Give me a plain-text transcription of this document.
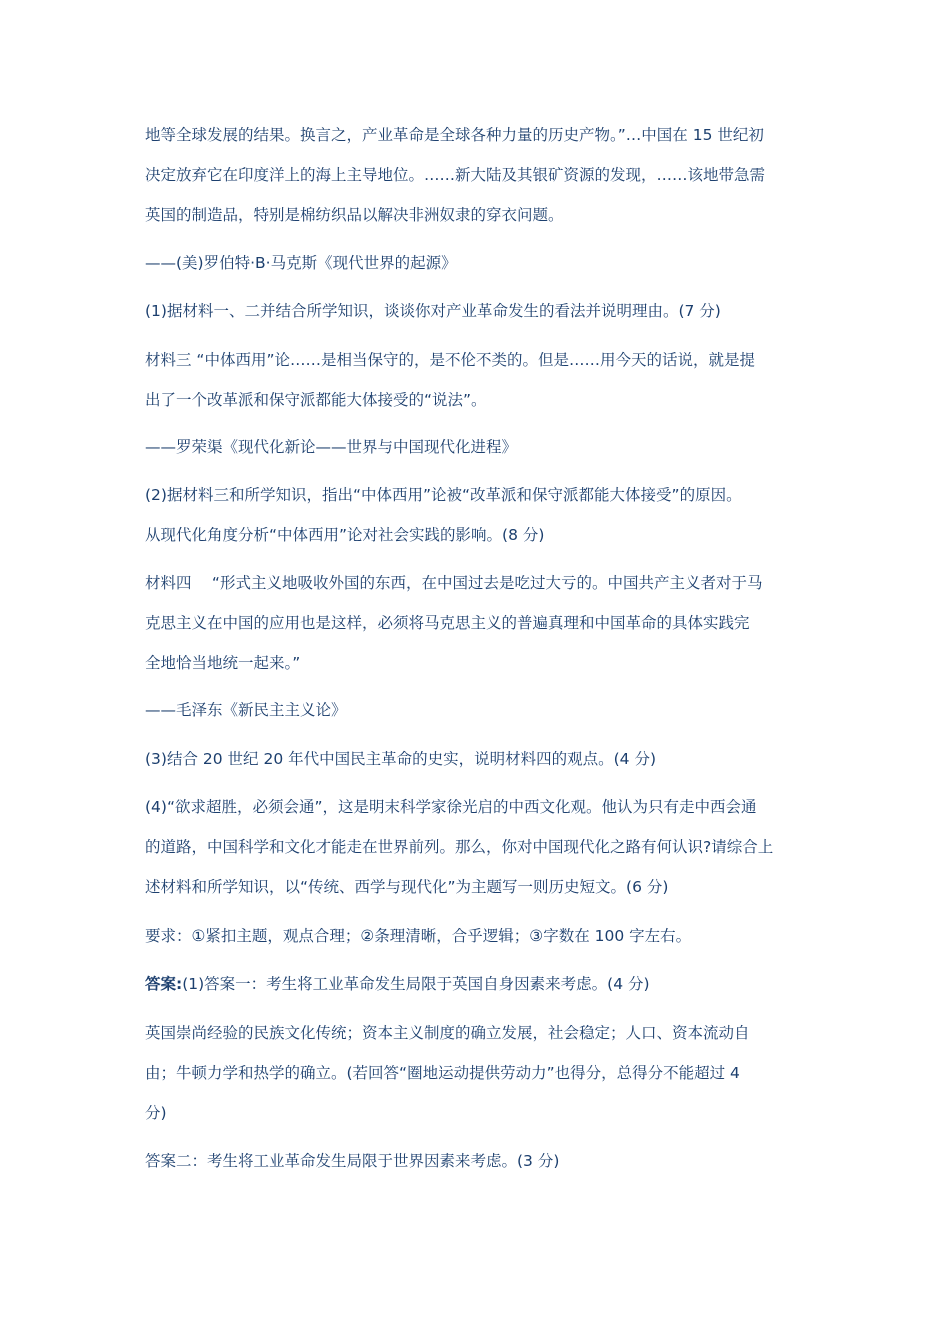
地等全球发展的结果。换言之，产业革命是全球各种力量的历史产物。”…中国在 15 世纪初
决定放弃它在印度洋上的海上主导地位。……新大陆及其银矿资源的发现，……该地带急需
英国的制造品，特别是棉纺织品以解决非洲奴隶的穿衣问题。
——(美)罗伯特·B·马克斯《现代世界的起源》
(1)据材料一、二并结合所学知识，谈谈你对产业革命发生的看法并说明理由。(7 分)
材料三 “中体西用”论……是相当保守的，是不伦不类的。但是……用今天的话说，就是提
出了一个改革派和保守派都能大体接受的“说法”。
——罗荣渠《现代化新论——世界与中国现代化进程》
(2)据材料三和所学知识，指出“中体西用”论被“改革派和保守派都能大体接受”的原因。
从现代化角度分析“中体西用”论对社会实践的影响。(8 分)
材料四　 “形式主义地吸收外国的东西，在中国过去是吃过大亏的。中国共产主义者对于马
克思主义在中国的应用也是这样，必须将马克思主义的普遍真理和中国革命的具体实践完
全地恰当地统一起来。”
——毛泽东《新民主主义论》
(3)结合 20 世纪 20 年代中国民主革命的史实，说明材料四的观点。(4 分)
(4)“欲求超胜，必须会通”，这是明末科学家徐光启的中西文化观。他认为只有走中西会通
的道路，中国科学和文化才能走在世界前列。那么，你对中国现代化之路有何认识?请综合上
述材料和所学知识，以“传统、西学与现代化”为主题写一则历史短文。(6 分)
要求：①紧扣主题，观点合理；②条理清晰，合乎逻辑；③字数在 100 字左右。
答案:(1)答案一：考生将工业革命发生局限于英国自身因素来考虑。(4 分)
英国崇尚经验的民族文化传统；资本主义制度的确立发展，社会稳定；人口、资本流动自
由；牛顿力学和热学的确立。(若回答“圈地运动提供劳动力”也得分，总得分不能超过 4
分)
答案二：考生将工业革命发生局限于世界因素来考虑。(3 分)
